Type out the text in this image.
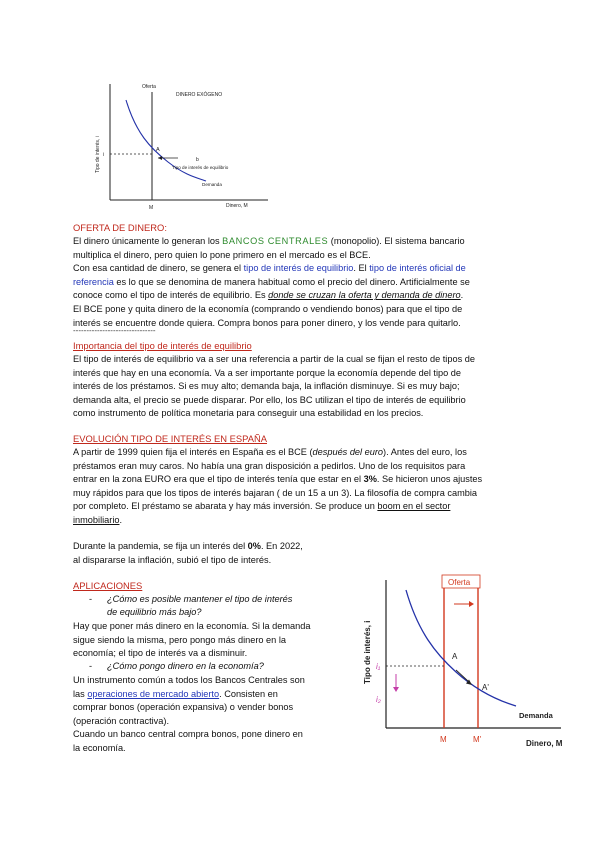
Oferta
DINERO EXÓGENO
A
i
b
Tipo de interés de equilibrio
Demanda
M	Dinero, M
Tipo de interés, i
OFERTA DE DINERO:
El dinero únicamente lo generan los BANCOS CENTRALES (monopolio). El sistema bancario
multiplica el dinero, pero quien lo pone primero en el mercado es el BCE.
Con esa cantidad de dinero, se genera el tipo de interés de equilibrio. El tipo de interés oficial de
referencia es lo que se denomina de manera habitual como el precio del dinero. Artificialmente se
conoce como el tipo de interés de equilibrio. Es donde se cruzan la oferta y demanda de dinero.
El BCE pone y quita dinero de la economía (comprando o vendiendo bonos) para que el tipo de
interés se encuentre donde quiera. Compra bonos para poner dinero, y los vende para quitarlo.
-------------------------------
Importancia del tipo de interés de equilibrio
El tipo de interés de equilibrio va a ser una referencia a partir de la cual se fijan el resto de tipos de
interés que hay en una economía. Va a ser importante porque la economía depende del tipo de
interés de los préstamos. Si es muy alto; demanda baja, la inflación disminuye. Si es muy bajo;
demanda alta, el precio se puede disparar. Por ello, los BC utilizan el tipo de interés de equilibrio
como instrumento de política monetaria para conseguir una estabilidad en los precios.
EVOLUCIÓN TIPO DE INTERÉS EN ESPAÑA
A partir de 1999 quien fija el interés en España es el BCE (después del euro). Antes del euro, los
préstamos eran muy caros. No había una gran disposición a pedirlos. Uno de los requisitos para
entrar en la zona EURO era que el tipo de interés tenía que estar en el 3%. Se hicieron unos ajustes
muy rápidos para que los tipos de interés bajaran ( de un 15 a un 3). La filosofía de compra cambia
por completo. El préstamo se abarata y hay más inversión. Se produce un boom en el sector
inmobiliario.
Durante la pandemia, se fija un interés del 0%. En 2022,
al dispararse la inflación, subió el tipo de interés.
APLICACIONES
- ¿Cómo es posible mantener el tipo de interés
de equilibrio más bajo?
Hay que poner más dinero en la economía. Si la demanda
sigue siendo la misma, pero pongo más dinero en la
economía; el tipo de interés va a disminuir.
- ¿Cómo pongo dinero en la economía?
Un instrumento común a todos los Bancos Centrales son
las operaciones de mercado abierto. Consisten en
comprar bonos (operación expansiva) o vender bonos
(operación contractiva).
Cuando un banco central compra bonos, pone dinero en
la economía.
Oferta
i₁
i₂
A
A'
Demanda
M	M'	Dinero, M
Tipo de interés, i
